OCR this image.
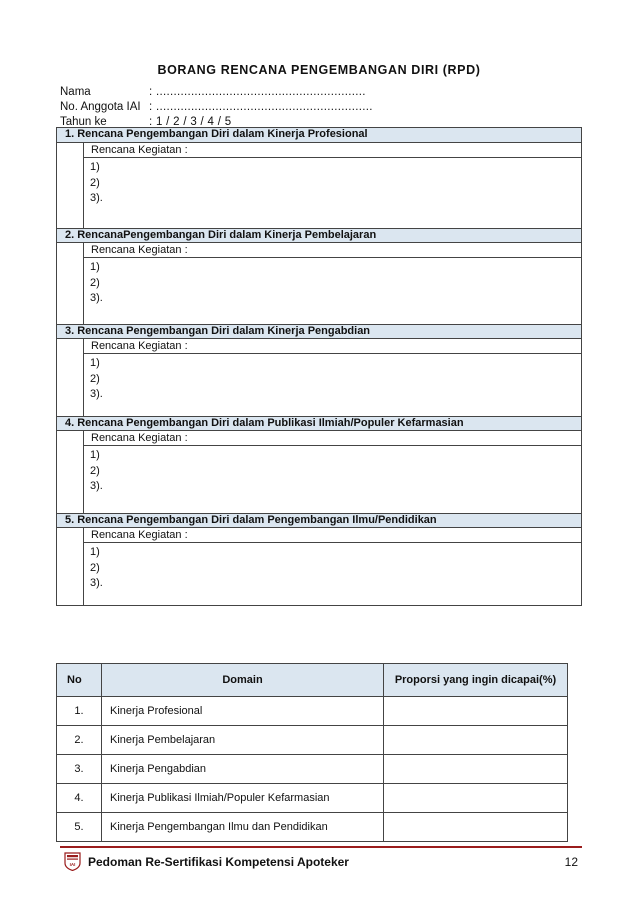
BORANG RENCANA PENGEMBANGAN DIRI (RPD)
Nama	: ............................................................
No. Anggota IAI : ..............................................................
Tahun ke	: 1 / 2 / 3 / 4 / 5
1. Rencana Pengembangan Diri dalam Kinerja Profesional
Rencana Kegiatan :
1)
2)
3).
2. RencanaPengembangan Diri dalam Kinerja Pembelajaran
Rencana Kegiatan :
1)
2)
3).
3. Rencana Pengembangan Diri dalam Kinerja Pengabdian
Rencana Kegiatan :
1)
2)
3).
4. Rencana Pengembangan Diri dalam Publikasi Ilmiah/Populer Kefarmasian
Rencana Kegiatan :
1)
2)
3).
5. Rencana Pengembangan Diri dalam Pengembangan Ilmu/Pendidikan
Rencana Kegiatan :
1)
2)
3).
No	Domain	Proporsi yang ingin dicapai(%)
1.	Kinerja Profesional	
2.	Kinerja Pembelajaran	
3.	Kinerja Pengabdian	
4.	Kinerja Publikasi Ilmiah/Populer Kefarmasian	
5.	Kinerja Pengembangan Ilmu dan Pendidikan	
IAI Pedoman Re-Sertifikasi Kompetensi Apoteker	12
